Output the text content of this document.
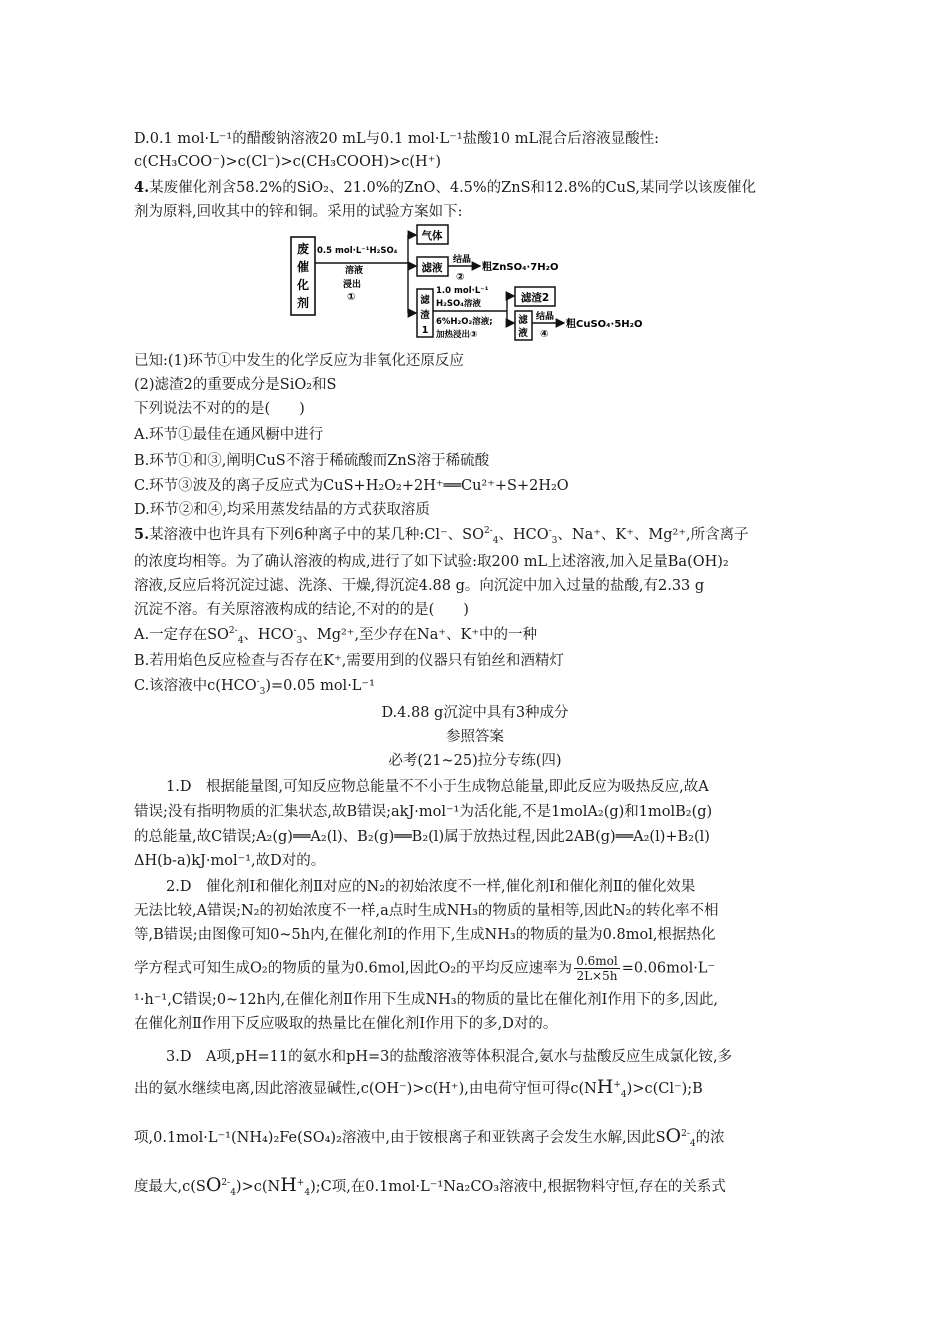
D.0.1 mol·L⁻¹的醋酸钠溶液20 mL与0.1 mol·L⁻¹盐酸10 mL混合后溶液显酸性:
c(CH₃COO⁻)>c(Cl⁻)>c(CH₃COOH)>c(H⁺)
4.某废催化剂含58.2%的SiO₂、21.0%的ZnO、4.5%的ZnS和12.8%的CuS,某同学以该废催化
剂为原料,回收其中的锌和铜。采用的试验方案如下:
废
催
化
剂
0.5 mol·L⁻¹H₂SO₄
溶液
浸出
①
气体
滤液
结晶
②
粗ZnSO₄·7H₂O
滤
渣
1
1.0 mol·L⁻¹
H₂SO₄溶液
6%H₂O₂溶液;
加热浸出③
滤渣2
滤
液
结晶
④
粗CuSO₄·5H₂O
已知:(1)环节①中发生的化学反应为非氧化还原反应
(2)滤渣2的重要成分是SiO₂和S
下列说法不对的的是(　　)
A.环节①最佳在通风橱中进行
B.环节①和③,阐明CuS不溶于稀硫酸而ZnS溶于稀硫酸
C.环节③波及的离子反应式为CuS+H₂O₂+2H⁺══Cu²⁺+S+2H₂O
D.环节②和④,均采用蒸发结晶的方式获取溶质
5.某溶液中也许具有下列6种离子中的某几种:Cl⁻、$SO^{2-}_4$、$HCO^-_3$、Na⁺、K⁺、Mg²⁺,所含离子
的浓度均相等。为了确认溶液的构成,进行了如下试验:取200 mL上述溶液,加入足量Ba(OH)₂
溶液,反应后将沉淀过滤、洗涤、干燥,得沉淀4.88 g。向沉淀中加入过量的盐酸,有2.33 g
沉淀不溶。有关原溶液构成的结论,不对的的是(　　)
A.一定存在$SO^{2-}_4$、$HCO^-_3$、Mg²⁺,至少存在Na⁺、K⁺中的一种
B.若用焰色反应检查与否存在K⁺,需要用到的仪器只有铂丝和酒精灯
C.该溶液中$c(HCO^-_3)=0.05$ mol·L⁻¹
D.4.88 g沉淀中具有3种成分
参照答案
必考(21~25)拉分专练(四)
1.D　根据能量图,可知反应物总能量不不小于生成物总能量,即此反应为吸热反应,故A
错误;没有指明物质的汇集状态,故B错误;akJ·mol⁻¹为活化能,不是1molA₂(g)和1molB₂(g)
的总能量,故C错误;A₂(g)══A₂(l)、B₂(g)══B₂(l)属于放热过程,因此2AB(g)══A₂(l)+B₂(l)
ΔH(b-a)kJ·mol⁻¹,故D对的。
2.D　催化剂Ⅰ和催化剂Ⅱ对应的N₂的初始浓度不一样,催化剂Ⅰ和催化剂Ⅱ的催化效果
无法比较,A错误;N₂的初始浓度不一样,a点时生成NH₃的物质的量相等,因此N₂的转化率不相
等,B错误;由图像可知0~5h内,在催化剂Ⅰ的作用下,生成NH₃的物质的量为0.8mol,根据热化
学方程式可知生成O₂的物质的量为0.6mol,因此O₂的平均反应速率为 $\frac{\text{0.6mol}}{2L\times 5h} =0.06mol\cdot L^-$
¹·h⁻¹,C错误;0~12h内,在催化剂Ⅱ作用下生成NH₃的物质的量比在催化剂Ⅰ作用下的多,因此,
在催化剂Ⅱ作用下反应吸取的热量比在催化剂Ⅰ作用下的多,D对的。
3.D　A项,pH=11的氨水和pH=3的盐酸溶液等体积混合,氨水与盐酸反应生成氯化铵,多
出的氨水继续电离,因此溶液显碱性,c(OH⁻)>c(H⁺),由电荷守恒可得$c(NH^+_4)>c(Cl^-);B$
项,0.1mol·L⁻¹(NH₄)₂Fe(SO₄)₂溶液中,由于铵根离子和亚铁离子会发生水解,因此$SO^{2-}_4$的浓
度最大$,c(SO^{2-}_4)>c(NH^+_4);C$项,在0.1mol·L⁻¹Na₂CO₃溶液中,根据物料守恒,存在的关系式
